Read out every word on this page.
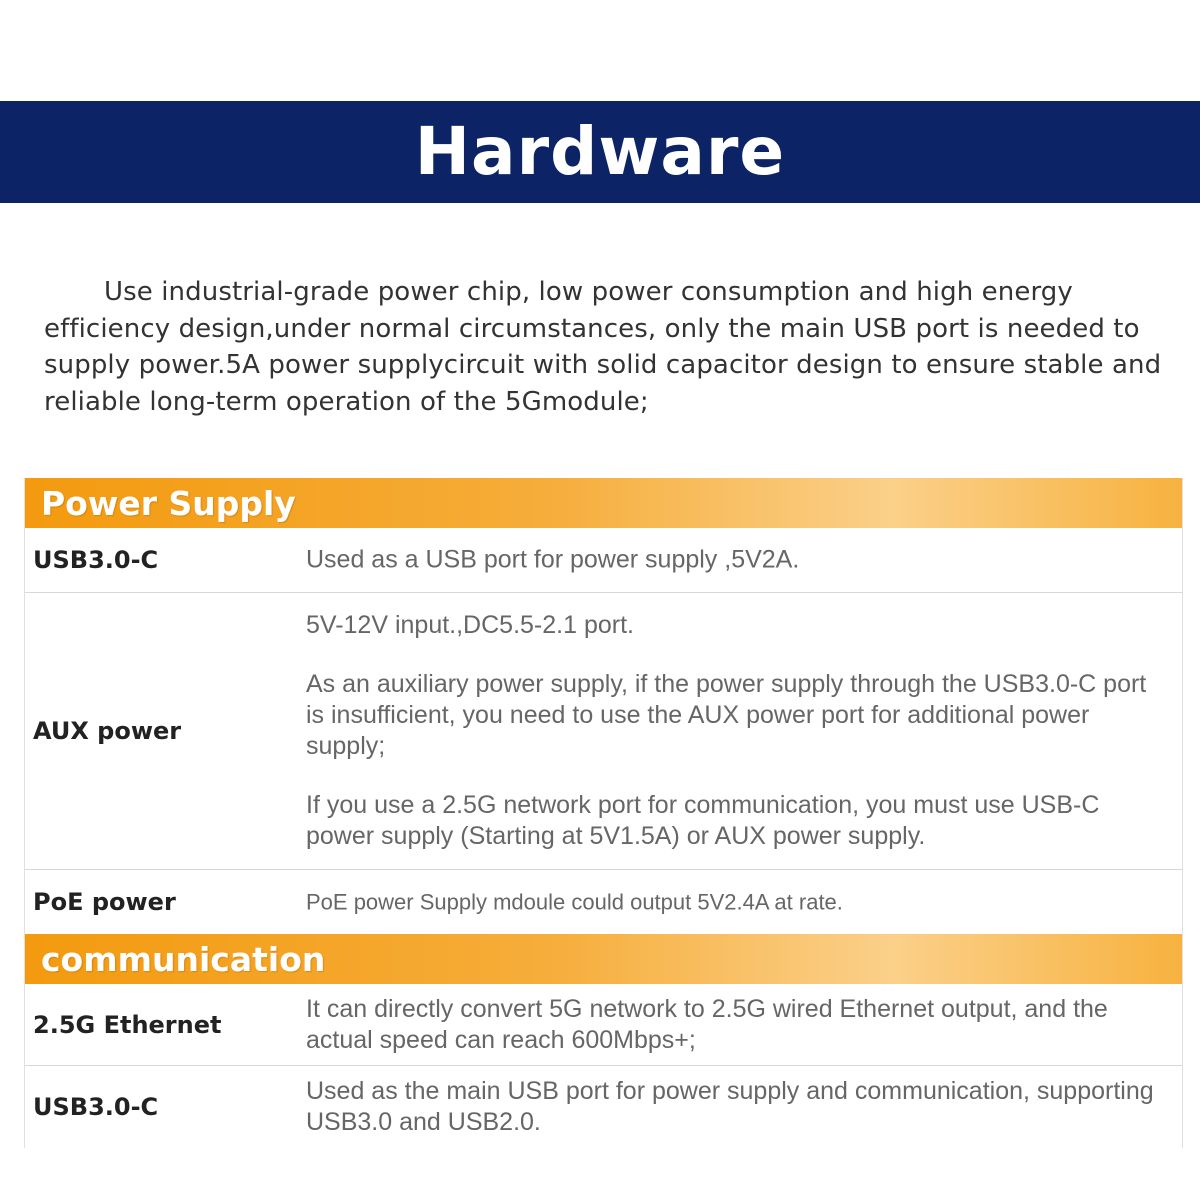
Hardware

Use industrial-grade power chip, low power consumption and high energy efficiency design,under normal circumstances, only the main USB port is needed to supply power.5A power supplycircuit with solid capacitor design to ensure stable and reliable long-term operation of the 5Gmodule;

Power Supply
USB3.0-C	Used as a USB port for power supply ,5V2A.

AUX power

5V-12V input.,DC5.5-2.1 port.

As an auxiliary power supply, if the power supply through the USB3.0-C port is insufficient, you need to use the AUX power port for additional power supply;

If you use a 2.5G network port for communication, you must use USB-C power supply (Starting at 5V1.5A) or AUX power supply.

PoE power	PoE power Supply mdoule could output 5V2.4A at rate.

communication
2.5G Ethernet

It can directly convert 5G network to 2.5G wired Ethernet output, and the actual speed can reach 600Mbps+;

USB3.0-C

Used as the main USB port for power supply and communication, supporting USB3.0 and USB2.0.
